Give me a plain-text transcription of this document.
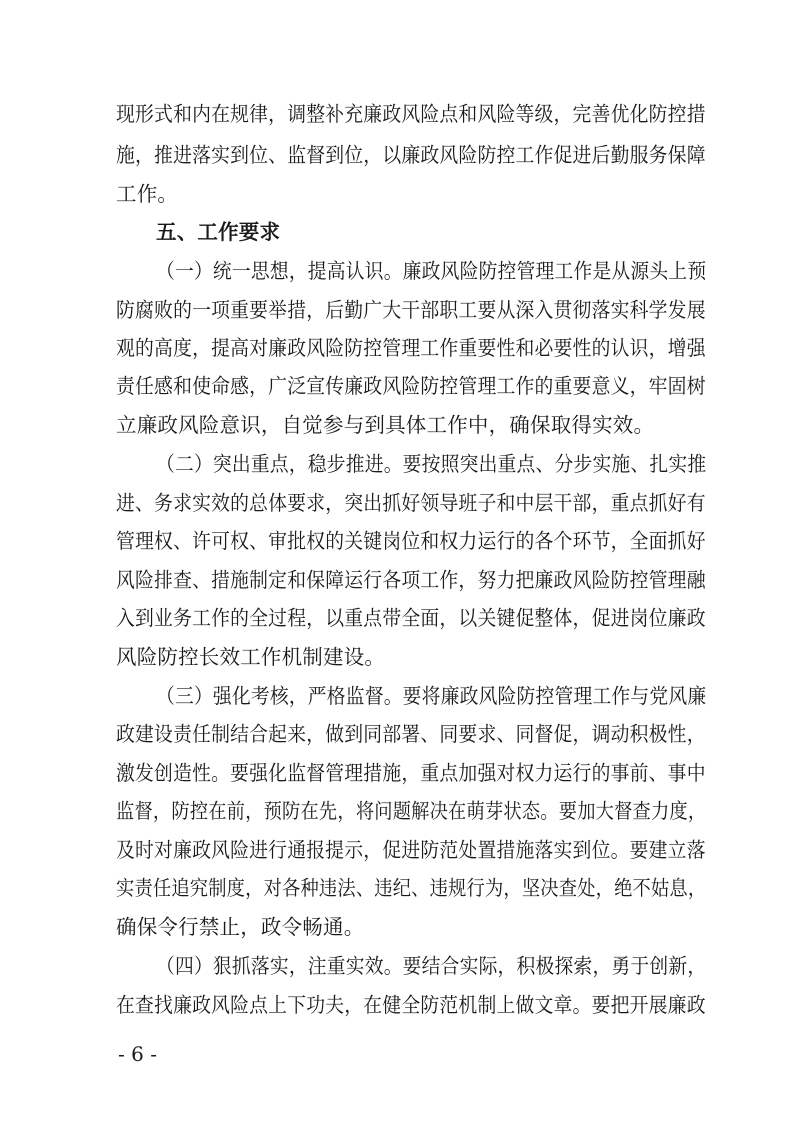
现形式和内在规律，调整补充廉政风险点和风险等级，完善优化防控措
施，推进落实到位、监督到位，以廉政风险防控工作促进后勤服务保障
工作。
五、工作要求
（一）统一思想，提高认识。廉政风险防控管理工作是从源头上预
防腐败的一项重要举措，后勤广大干部职工要从深入贯彻落实科学发展
观的高度，提高对廉政风险防控管理工作重要性和必要性的认识，增强
责任感和使命感，广泛宣传廉政风险防控管理工作的重要意义，牢固树
立廉政风险意识，自觉参与到具体工作中，确保取得实效。
（二）突出重点，稳步推进。要按照突出重点、分步实施、扎实推
进、务求实效的总体要求，突出抓好领导班子和中层干部，重点抓好有
管理权、许可权、审批权的关键岗位和权力运行的各个环节，全面抓好
风险排查、措施制定和保障运行各项工作，努力把廉政风险防控管理融
入到业务工作的全过程，以重点带全面，以关键促整体，促进岗位廉政
风险防控长效工作机制建设。
（三）强化考核，严格监督。要将廉政风险防控管理工作与党风廉
政建设责任制结合起来，做到同部署、同要求、同督促，调动积极性，
激发创造性。要强化监督管理措施，重点加强对权力运行的事前、事中
监督，防控在前，预防在先，将问题解决在萌芽状态。要加大督查力度，
及时对廉政风险进行通报提示，促进防范处置措施落实到位。要建立落
实责任追究制度，对各种违法、违纪、违规行为，坚决查处，绝不姑息，
确保令行禁止，政令畅通。
（四）狠抓落实，注重实效。要结合实际，积极探索，勇于创新，
在查找廉政风险点上下功夫，在健全防范机制上做文章。要把开展廉政
- 6 -
